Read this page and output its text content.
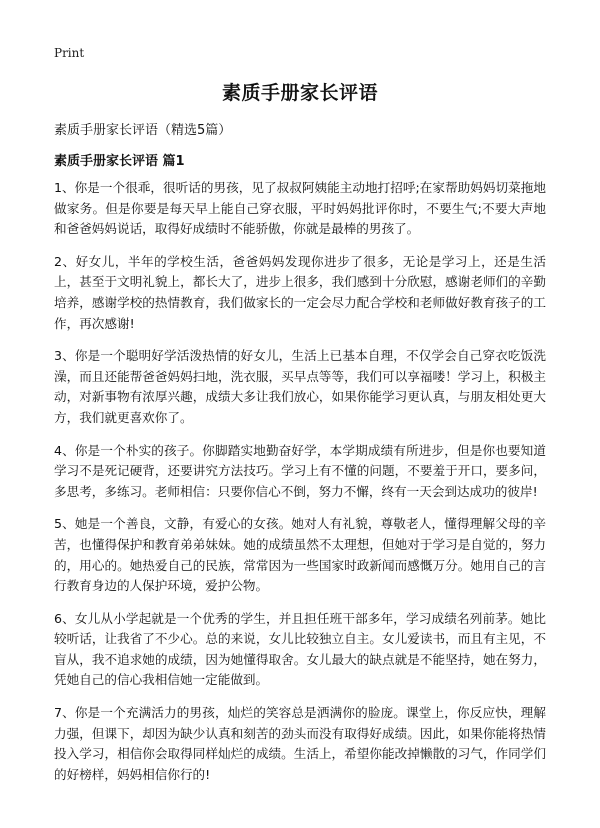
Print
素质手册家长评语

素质手册家长评语（精选5篇）

素质手册家长评语 篇1

1、你是一个很乖，很听话的男孩，见了叔叔阿姨能主动地打招呼;在家帮助妈妈切菜拖地做家务。但是你要是每天早上能自己穿衣服，平时妈妈批评你时，不要生气;不要大声地和爸爸妈妈说话，取得好成绩时不能骄傲，你就是最棒的男孩了。

2、好女儿，半年的学校生活，爸爸妈妈发现你进步了很多，无论是学习上，还是生活上，甚至于文明礼貌上，都长大了，进步上很多，我们感到十分欣慰，感谢老师们的辛勤培养，感谢学校的热情教育，我们做家长的一定会尽力配合学校和老师做好教育孩子的工作，再次感谢!

3、你是一个聪明好学活泼热情的好女儿，生活上已基本自理，不仅学会自己穿衣吃饭洗澡，而且还能帮爸爸妈妈扫地，洗衣服，买早点等等，我们可以享福喽！学习上，积极主动，对新事物有浓厚兴趣，成绩大多让我们放心，如果你能学习更认真，与朋友相处更大方，我们就更喜欢你了。

4、你是一个朴实的孩子。你脚踏实地勤奋好学，本学期成绩有所进步，但是你也要知道学习不是死记硬背，还要讲究方法技巧。学习上有不懂的问题，不要羞于开口，要多问，多思考，多练习。老师相信：只要你信心不倒，努力不懈，终有一天会到达成功的彼岸!

5、她是一个善良，文静，有爱心的女孩。她对人有礼貌，尊敬老人，懂得理解父母的辛苦，也懂得保护和教育弟弟妹妹。她的成绩虽然不太理想，但她对于学习是自觉的，努力的，用心的。她热爱自己的民族，常常因为一些国家时政新闻而感慨万分。她用自己的言行教育身边的人保护环境，爱护公物。

6、女儿从小学起就是一个优秀的学生，并且担任班干部多年，学习成绩名列前茅。她比较听话，让我省了不少心。总的来说，女儿比较独立自主。女儿爱读书，而且有主见，不盲从，我不追求她的成绩，因为她懂得取舍。女儿最大的缺点就是不能坚持，她在努力，凭她自己的信心我相信她一定能做到。

7、你是一个充满活力的男孩，灿烂的笑容总是洒满你的脸庞。课堂上，你反应快，理解力强，但课下，却因为缺少认真和刻苦的劲头而没有取得好成绩。因此，如果你能将热情投入学习，相信你会取得同样灿烂的成绩。生活上，希望你能改掉懒散的习气，作同学们的好榜样，妈妈相信你行的!
